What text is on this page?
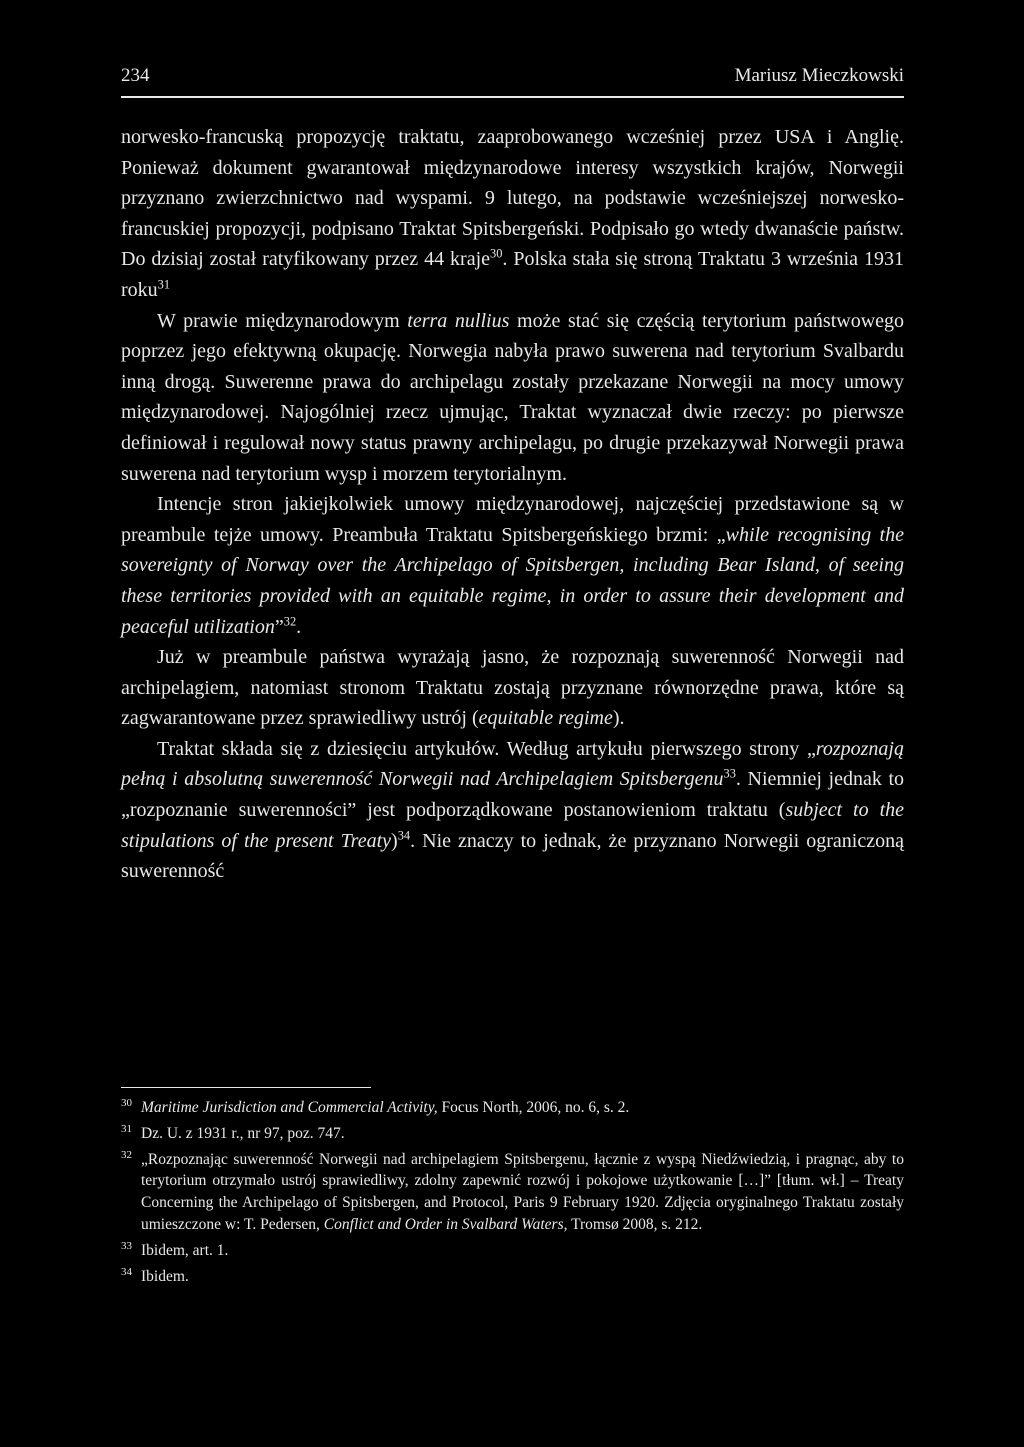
234	Mariusz Mieczkowski

norwesko-francuską propozycję traktatu, zaaprobowanego wcześniej przez USA i Anglię. Ponieważ dokument gwarantował międzynarodowe interesy wszystkich krajów, Norwegii przyznano zwierzchnictwo nad wyspami. 9 lutego, na podstawie wcześniejszej norwesko-francuskiej propozycji, podpisano Traktat Spitsbergeński. Podpisało go wtedy dwanaście państw. Do dzisiaj został ratyfikowany przez 44 kraje$^{30}$. Polska stała się stroną Traktatu 3 września 1931 roku$^{31}$

W prawie międzynarodowym terra nullius może stać się częścią terytorium państwowego poprzez jego efektywną okupację. Norwegia nabyła prawo suwerena nad terytorium Svalbardu inną drogą. Suwerenne prawa do archipelagu zostały przekazane Norwegii na mocy umowy międzynarodowej. Najogólniej rzecz ujmując, Traktat wyznaczał dwie rzeczy: po pierwsze definiował i regulował nowy status prawny archipelagu, po drugie przekazywał Norwegii prawa suwerena nad terytorium wysp i morzem terytorialnym.

Intencje stron jakiejkolwiek umowy międzynarodowej, najczęściej przedstawione są w preambule tejże umowy. Preambuła Traktatu Spitsbergeńskiego brzmi: „while recognising the sovereignty of Norway over the Archipelago of Spitsbergen, including Bear Island, of seeing these territories provided with an equitable regime, in order to assure their development and peaceful utilization”$^{32}$.

Już w preambule państwa wyrażają jasno, że rozpoznają suwerenność Norwegii nad archipelagiem, natomiast stronom Traktatu zostają przyznane równorzędne prawa, które są zagwarantowane przez sprawiedliwy ustrój (equitable regime).

Traktat składa się z dziesięciu artykułów. Według artykułu pierwszego strony „rozpoznają pełną i absolutną suwerenność Norwegii nad Archipelagiem Spitsbergenu$^{33}$. Niemniej jednak to „rozpoznanie suwerenności” jest podporządkowane postanowieniom traktatu (subject to the stipulations of the present Treaty)$^{34}$. Nie znaczy to jednak, że przyznano Norwegii ograniczoną suwerenność

30 Maritime Jurisdiction and Commercial Activity, Focus North, 2006, no. 6, s. 2.

31 Dz. U. z 1931 r., nr 97, poz. 747.

32 „Rozpoznając suwerenność Norwegii nad archipelagiem Spitsbergenu, łącznie z wyspą Niedźwiedzią, i pragnąc, aby to terytorium otrzymało ustrój sprawiedliwy, zdolny zapewnić rozwój i pokojowe użytkowanie […]” [tłum. wł.] – Treaty Concerning the Archipelago of Spitsbergen, and Protocol, Paris 9 February 1920. Zdjęcia oryginalnego Traktatu zostały umieszczone w: T. Pedersen, Conflict and Order in Svalbard Waters, Tromsø 2008, s. 212.

33 Ibidem, art. 1.

34 Ibidem.
